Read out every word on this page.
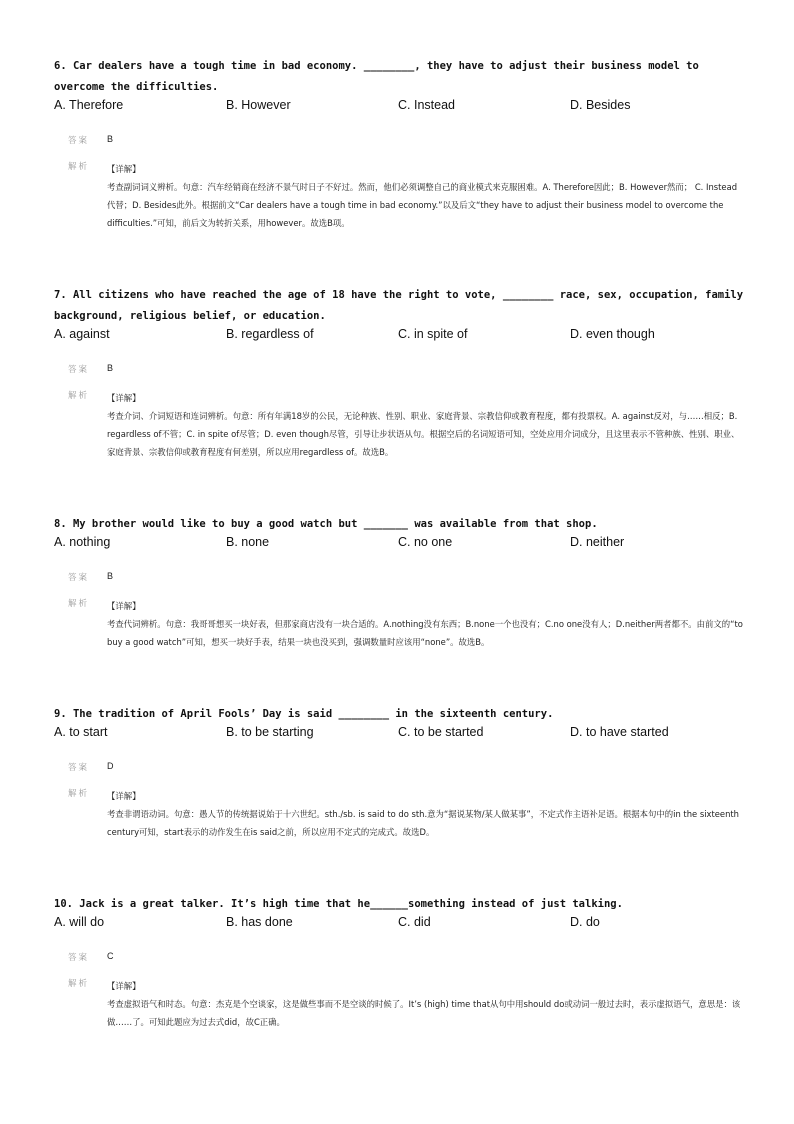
6. Car dealers have a tough time in bad economy. ________, they have to adjust their business model to overcome the difficulties.
A. Therefore	B. However	C. Instead	D. Besides
答案 B
解析 【详解】
考查副词词义辨析。句意：汽车经销商在经济不景气时日子不好过。然而，他们必须调整自己的商业模式来克服困难。A. Therefore因此；B. However然而； C. Instead代替；D. Besides此外。根据前文“Car dealers have a tough time in bad economy.”以及后文“they have to adjust their business model to overcome the difficulties.”可知，前后文为转折关系，用however。故选B项。
7. All citizens who have reached the age of 18 have the right to vote, ________ race, sex, occupation, family background, religious belief, or education.
A. against	B. regardless of	C. in spite of	D. even though
答案 B
解析 【详解】
考查介词、介词短语和连词辨析。句意：所有年满18岁的公民，无论种族、性别、职业、家庭背景、宗教信仰或教育程度，都有投票权。A. against反对，与……相反；B. regardless of不管；C. in spite of尽管；D. even though尽管，引导让步状语从句。根据空后的名词短语可知，空处应用介词成分，且这里表示不管种族、性别、职业、家庭背景、宗教信仰或教育程度有何差别，所以应用regardless of。故选B。
8. My brother would like to buy a good watch but _______ was available from that shop.
A. nothing	B. none	C. no one	D. neither
答案 B
解析 【详解】
考查代词辨析。句意：我哥哥想买一块好表，但那家商店没有一块合适的。A.nothing没有东西；B.none一个也没有；C.no one没有人；D.neither两者都不。由前文的“to buy a good watch”可知，想买一块好手表，结果一块也没买到，强调数量时应该用“none”。故选B。
9. The tradition of April Fools’ Day is said ________ in the sixteenth century.
A. to start	B. to be starting	C. to be started	D. to have started
答案 D
解析 【详解】
考查非谓语动词。句意：愚人节的传统据说始于十六世纪。sth./sb. is said to do sth.意为“据说某物/某人做某事”，不定式作主语补足语。根据本句中的in the sixteenth century可知，start表示的动作发生在is said之前，所以应用不定式的完成式。故选D。
10. Jack is a great talker. It’s high time that he______something instead of just talking.
A. will do	B. has done	C. did	D. do
答案 C
解析 【详解】
考查虚拟语气和时态。句意：杰克是个空谈家，这是做些事而不是空谈的时候了。It’s (high) time that从句中用should do或动词一般过去时，表示虚拟语气，意思是：该做……了。可知此题应为过去式did，故C正确。
